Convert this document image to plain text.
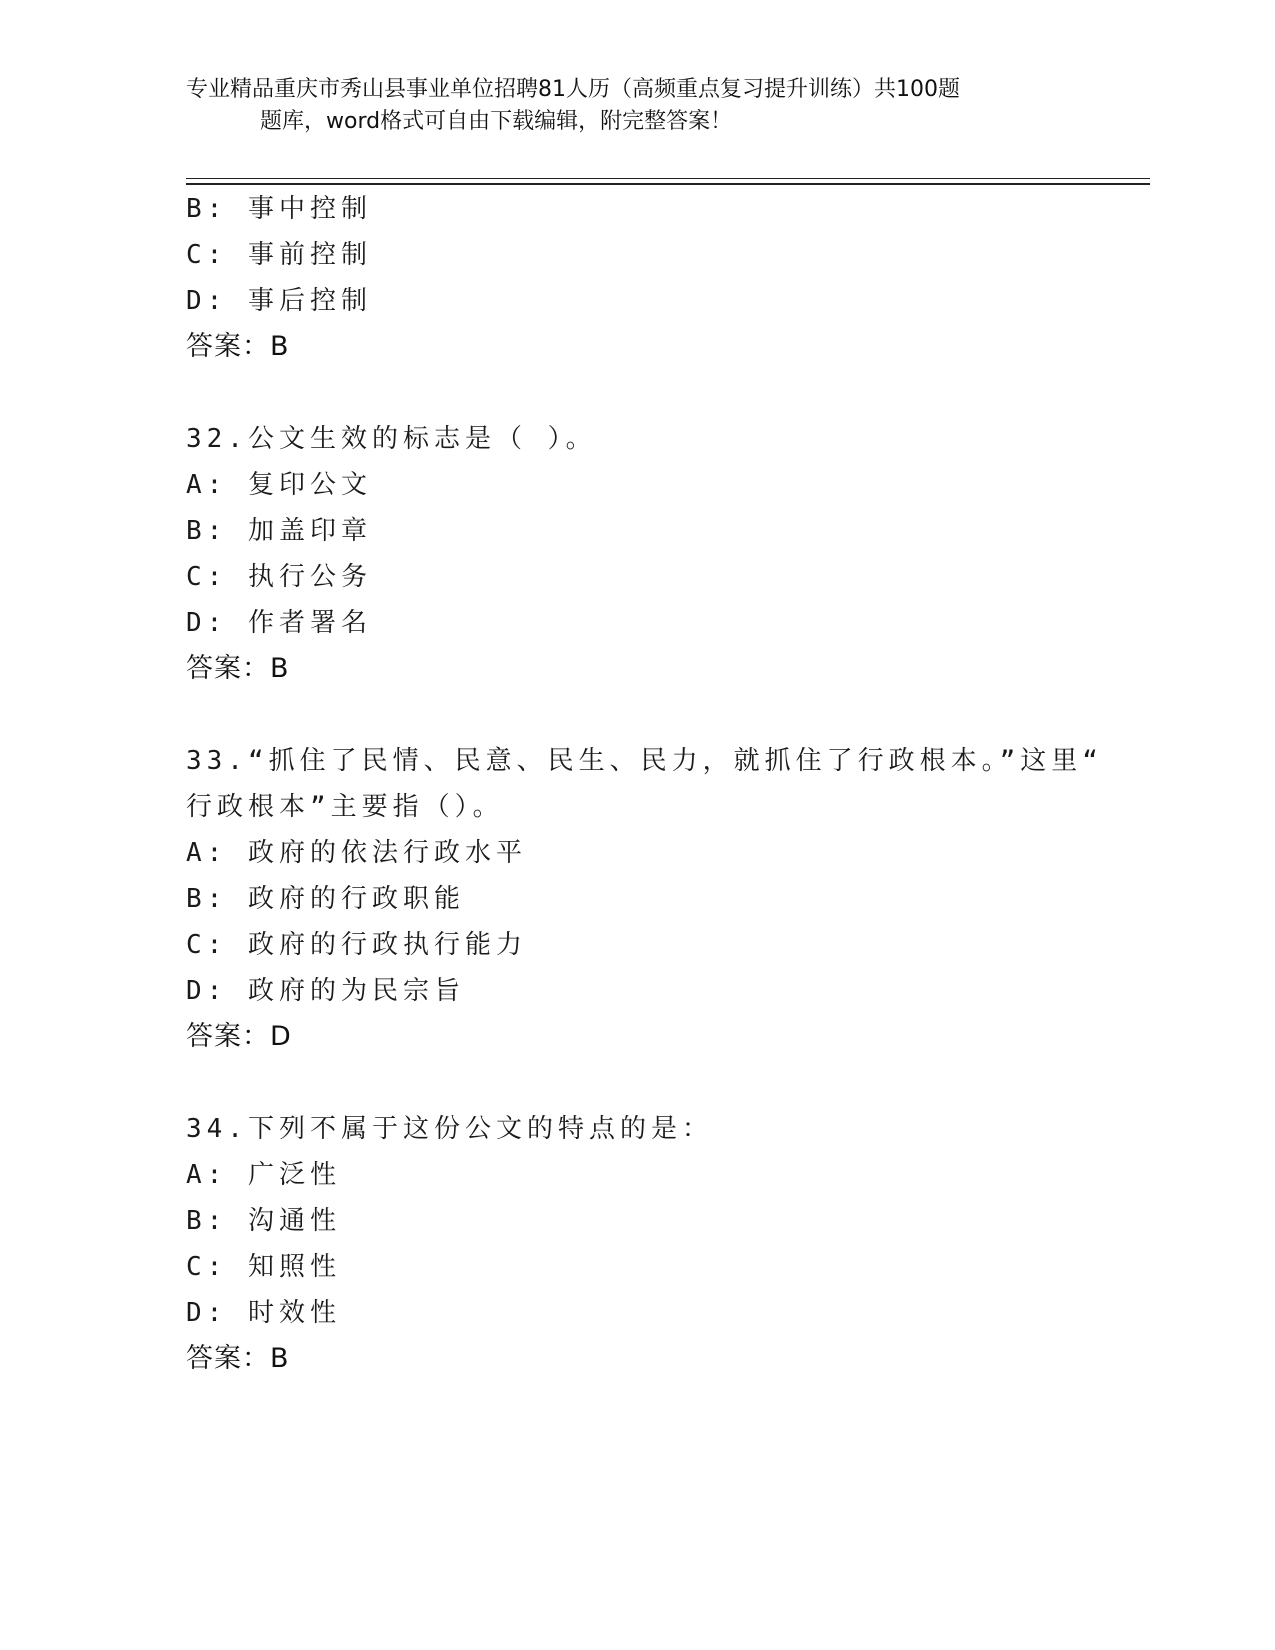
专业精品重庆市秀山县事业单位招聘81人历（高频重点复习提升训练）共100题
题库，word格式可自由下载编辑，附完整答案！
B: 事中控制
C: 事前控制
D: 事后控制
答案：B
32.公文生效的标志是（ ）。
A: 复印公文
B: 加盖印章
C: 执行公务
D: 作者署名
答案：B
33.“抓住了民情、民意、民生、民力，就抓住了行政根本。”这里“
行政根本”主要指（）。
A: 政府的依法行政水平
B: 政府的行政职能
C: 政府的行政执行能力
D: 政府的为民宗旨
答案：D
34.下列不属于这份公文的特点的是：
A: 广泛性
B: 沟通性
C: 知照性
D: 时效性
答案：B
